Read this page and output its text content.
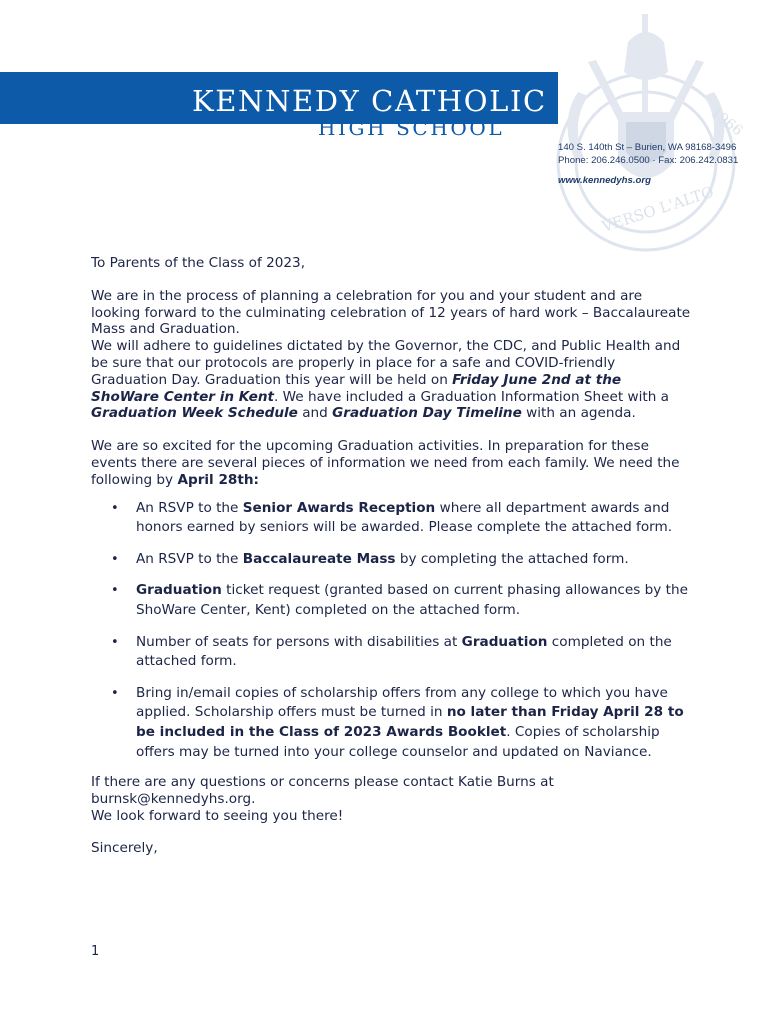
KENNEDY CATHOLIC
HIGH SCHOOL	1966
VERSO L'ALTO
140 S. 140th St – Burien, WA 98168-3496
Phone: 206.246.0500 · Fax: 206.242.0831
www.kennedyhs.org

To Parents of the Class of 2023,

We are in the process of planning a celebration for you and your student and are looking forward to the culminating celebration of 12 years of hard work – Baccalaureate Mass and Graduation.

We will adhere to guidelines dictated by the Governor, the CDC, and Public Health and be sure that our protocols are properly in place for a safe and COVID-friendly Graduation Day. Graduation this year will be held on Friday June 2nd at the ShoWare Center in Kent. We have included a Graduation Information Sheet with a Graduation Week Schedule and Graduation Day Timeline with an agenda.

We are so excited for the upcoming Graduation activities. In preparation for these events there are several pieces of information we need from each family. We need the following by April 28th:

• An RSVP to the Senior Awards Reception where all department awards and honors earned by seniors will be awarded. Please complete the attached form.
• An RSVP to the Baccalaureate Mass by completing the attached form.
• Graduation ticket request (granted based on current phasing allowances by the ShoWare Center, Kent) completed on the attached form.
• Number of seats for persons with disabilities at Graduation completed on the attached form.
• Bring in/email copies of scholarship offers from any college to which you have applied. Scholarship offers must be turned in no later than Friday April 28 to be included in the Class of 2023 Awards Booklet. Copies of scholarship offers may be turned into your college counselor and updated on Naviance.

If there are any questions or concerns please contact Katie Burns at burnsk@kennedyhs.org.

We look forward to seeing you there!

Sincerely,

1
